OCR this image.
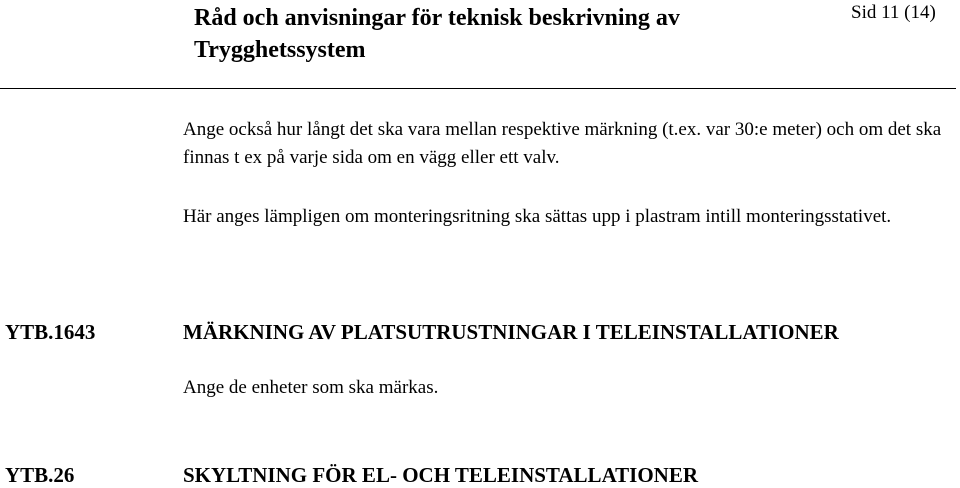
Råd och anvisningar för teknisk beskrivning av Trygghetssystem
Sid 11 (14)

Ange också hur långt det ska vara mellan respektive märkning (t.ex. var 30:e meter) och om det ska finnas t ex på varje sida om en vägg eller ett valv.

Här anges lämpligen om monteringsritning ska sättas upp i plastram intill monteringsstativet.

YTB.1643	MÄRKNING AV PLATSUTRUSTNINGAR I TELEINSTALLATIONER
Ange de enheter som ska märkas.
YTB.26	SKYLTNING FÖR EL- OCH TELEINSTALLATIONER
